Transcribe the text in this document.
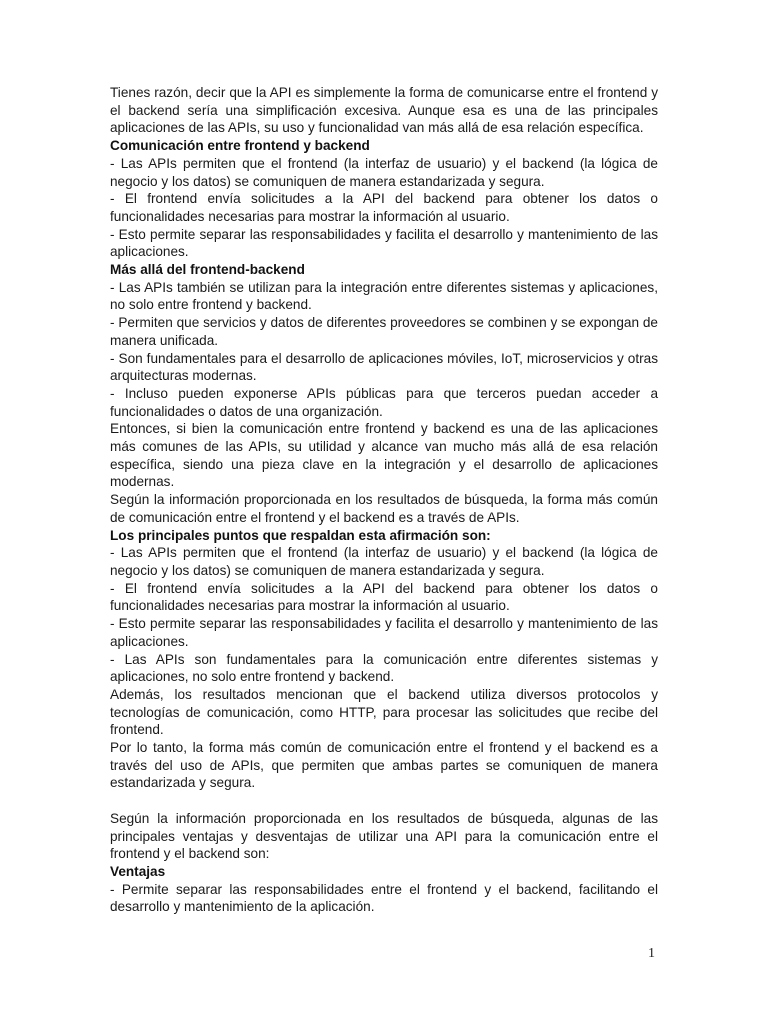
Tienes razón, decir que la API es simplemente la forma de comunicarse entre el frontend y el backend sería una simplificación excesiva. Aunque esa es una de las principales aplicaciones de las APIs, su uso y funcionalidad van más allá de esa relación específica.

Comunicación entre frontend y backend

- Las APIs permiten que el frontend (la interfaz de usuario) y el backend (la lógica de negocio y los datos) se comuniquen de manera estandarizada y segura.

- El frontend envía solicitudes a la API del backend para obtener los datos o funcionalidades necesarias para mostrar la información al usuario.

- Esto permite separar las responsabilidades y facilita el desarrollo y mantenimiento de las aplicaciones.

Más allá del frontend-backend

- Las APIs también se utilizan para la integración entre diferentes sistemas y aplicaciones, no solo entre frontend y backend.

- Permiten que servicios y datos de diferentes proveedores se combinen y se expongan de manera unificada.

- Son fundamentales para el desarrollo de aplicaciones móviles, IoT, microservicios y otras arquitecturas modernas.

- Incluso pueden exponerse APIs públicas para que terceros puedan acceder a funcionalidades o datos de una organización.

Entonces, si bien la comunicación entre frontend y backend es una de las aplicaciones más comunes de las APIs, su utilidad y alcance van mucho más allá de esa relación específica, siendo una pieza clave en la integración y el desarrollo de aplicaciones modernas.

Según la información proporcionada en los resultados de búsqueda, la forma más común de comunicación entre el frontend y el backend es a través de APIs.

Los principales puntos que respaldan esta afirmación son:

- Las APIs permiten que el frontend (la interfaz de usuario) y el backend (la lógica de negocio y los datos) se comuniquen de manera estandarizada y segura.

- El frontend envía solicitudes a la API del backend para obtener los datos o funcionalidades necesarias para mostrar la información al usuario.

- Esto permite separar las responsabilidades y facilita el desarrollo y mantenimiento de las aplicaciones.

- Las APIs son fundamentales para la comunicación entre diferentes sistemas y aplicaciones, no solo entre frontend y backend.

Además, los resultados mencionan que el backend utiliza diversos protocolos y tecnologías de comunicación, como HTTP, para procesar las solicitudes que recibe del frontend.

Por lo tanto, la forma más común de comunicación entre el frontend y el backend es a través del uso de APIs, que permiten que ambas partes se comuniquen de manera estandarizada y segura.

Según la información proporcionada en los resultados de búsqueda, algunas de las principales ventajas y desventajas de utilizar una API para la comunicación entre el frontend y el backend son:

Ventajas

- Permite separar las responsabilidades entre el frontend y el backend, facilitando el desarrollo y mantenimiento de la aplicación.

1
